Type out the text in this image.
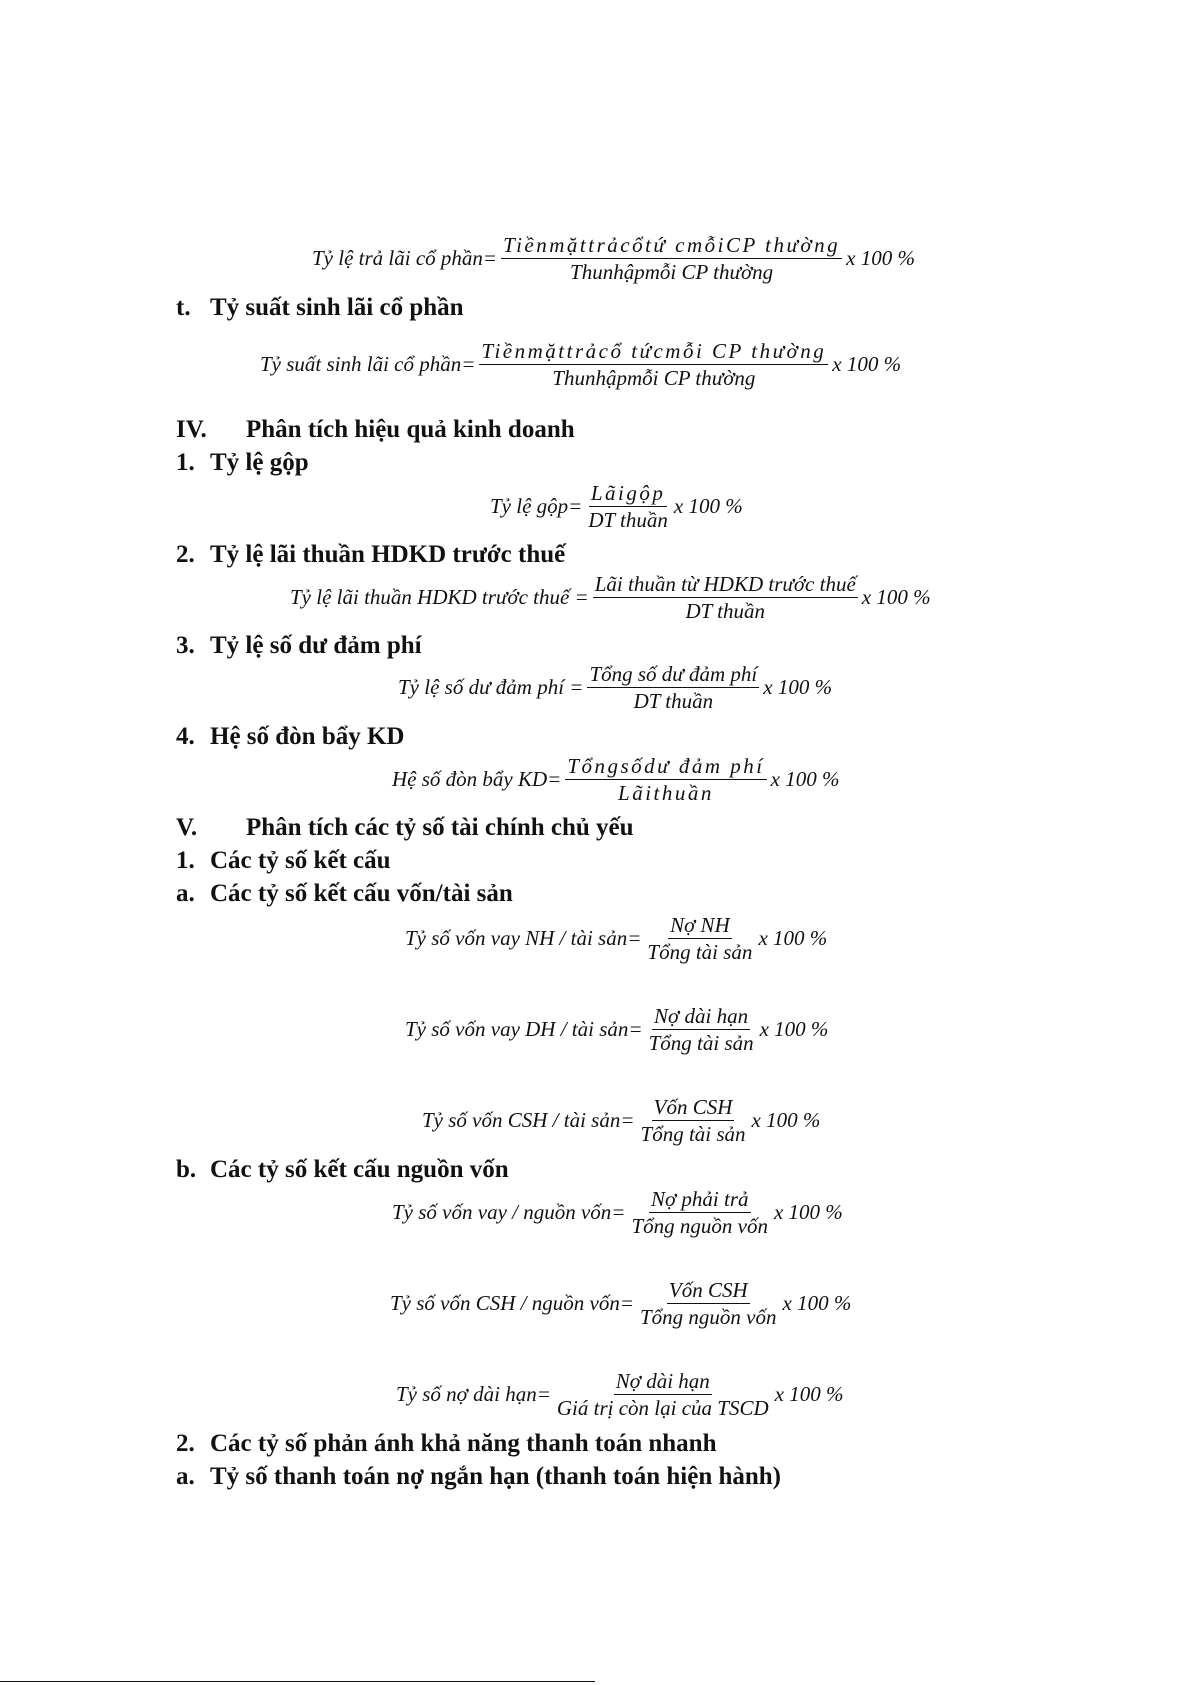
Tỷ lệ trả lãi cổ phần= $\frac{\text{Tiềnmặttrảcổtứ cmỗiCP thường}}{\text{Thunhậpmỗi CP thường}}$ x 100 %
t. Tỷ suất sinh lãi cổ phần
Tỷ suất sinh lãi cổ phần= $\frac{\text{Tiềnmặttrảcổ tứcmỗi CP thường}}{\text{Thunhậpmỗi CP thường}}$ x 100 %
IV. Phân tích hiệu quả kinh doanh
1. Tỷ lệ gộp
Tỷ lệ gộp= $\frac{\text{Lãigộp}}{\text{DT thuần}}$ x 100 %
2. Tỷ lệ lãi thuần HDKD trước thuế
Tỷ lệ lãi thuần HDKD trước thuế = $\frac{\text{Lãi thuần từ HDKD trước thuế}}{\text{DT thuần}}$ x 100 %
3. Tỷ lệ số dư đảm phí
Tỷ lệ số dư đảm phí = $\frac{\text{Tổng số dư đảm phí}}{\text{DT thuần}}$ x 100 %
4. Hệ số đòn bẩy KD
Hệ số đòn bẩy $KD= \frac{\text{Tổngsốdư đảm phí}}{\text{Lãithuần}}$ x 100 %
V. Phân tích các tỷ số tài chính chủ yếu
1. Các tỷ số kết cấu
a. Các tỷ số kết cấu vốn/tài sản
Tỷ số vốn vay NH / tài sản= $\frac{\text{Nợ NH}}{\text{Tổng tài sản}}$ x 100 %
Tỷ số vốn vay DH / tài sản= $\frac{\text{Nợ dài hạn}}{\text{Tổng tài sản}}$ x 100 %
Tỷ số vốn CSH / tài sản= $\frac{\text{Vốn CSH}}{\text{Tổng tài sản}}$ x 100 %
b. Các tỷ số kết cấu nguồn vốn
Tỷ số vốn vay / nguồn vốn= $\frac{\text{Nợ phải trả}}{\text{Tổng nguồn vốn}}$ x 100 %
Tỷ số vốn CSH / nguồn vốn= $\frac{\text{Vốn CSH}}{\text{Tổng nguồn vốn}}$ x 100 %
Tỷ số nợ dài hạn= $\frac{\text{Nợ dài hạn}}{\text{Giá trị còn lại của TSCD}}$ x 100 %
2. Các tỷ số phản ánh khả năng thanh toán nhanh
a. Tỷ số thanh toán nợ ngắn hạn (thanh toán hiện hành)
